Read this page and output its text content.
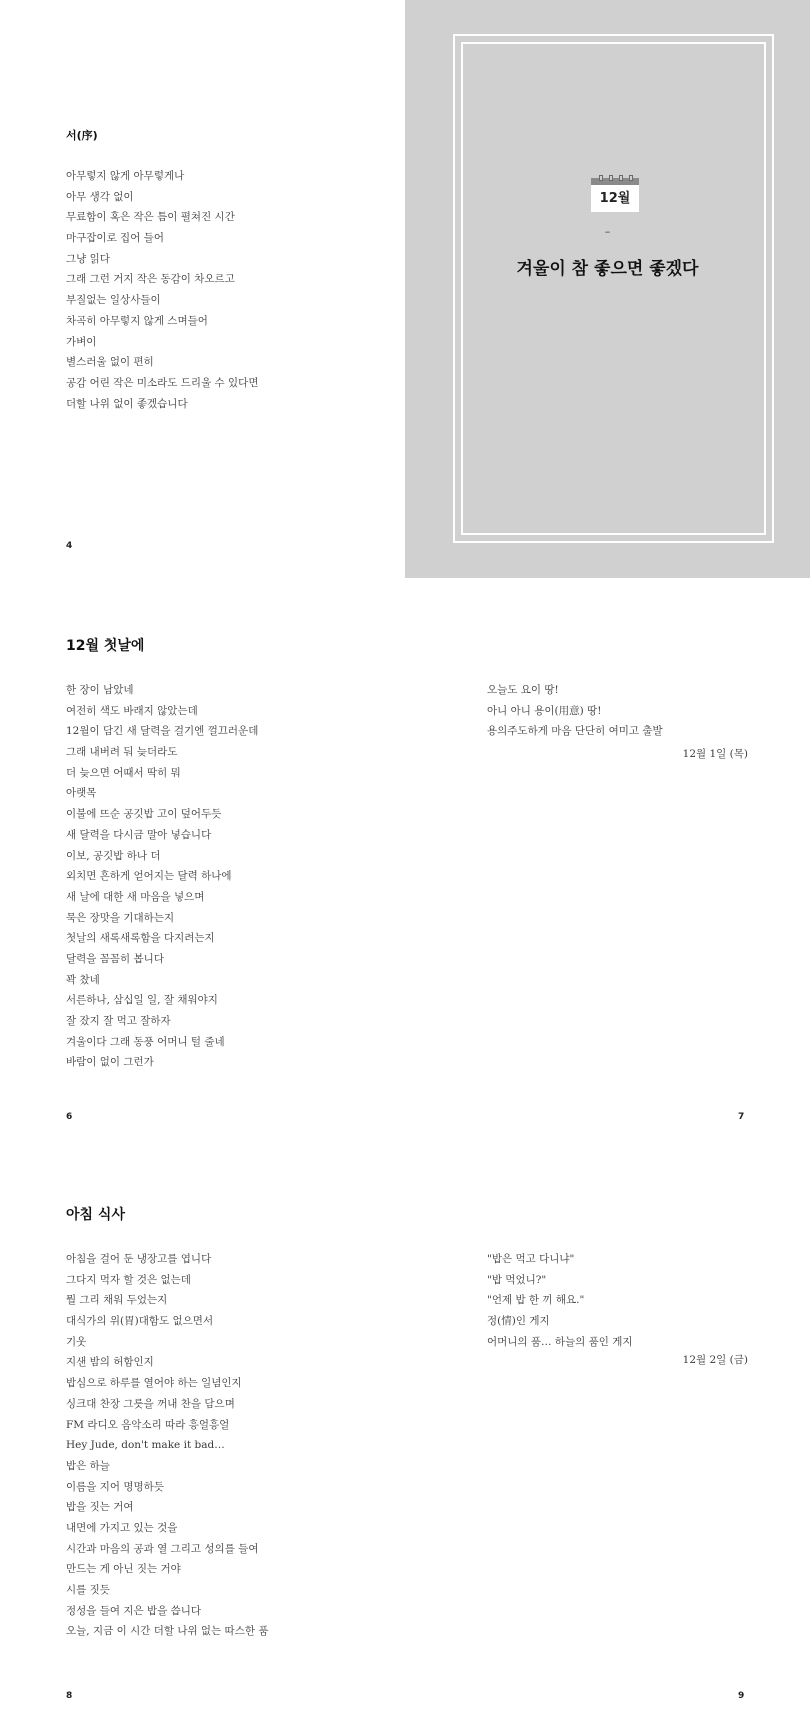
서(序)
아무렇지 않게 아무렇게나
아무 생각 없이
무료함이 혹은 작은 틈이 펼쳐진 시간
마구잡이로 집어 들어
그냥 읽다
그래 그런 거지 작은 동감이 차오르고
부질없는 일상사들이
차곡히 아무렇지 않게 스며들어
가벼이
별스러울 없이 편히
공감 어린 작은 미소라도 드리울 수 있다면
더할 나위 없이 좋겠습니다
4
12월
–
겨울이 참 좋으면 좋겠다
12월 첫날에
한 장이 남았네
여전히 색도 바래지 않았는데
12월이 담긴 새 달력을 걸기엔 껄끄러운데
그래 내버려 둬 늦더라도
더 늦으면 어때서 딱히 뭐
아랫목
이불에 뜨순 공깃밥 고이 덮어두듯
새 달력을 다시금 말아 넣습니다
이보, 공깃밥 하나 더
외치면 흔하게 얻어지는 달력 하나에
새 날에 대한 새 마음을 넣으며
묵은 장맛을 기대하는지
첫날의 새록새록함을 다지려는지
달력을 꼼꼼히 봅니다
꽉 찼네
서른하나, 삼십일 일, 잘 채워야지
잘 잤지 잘 먹고 잘하자
겨울이다 그래 동풍 어머니 털 줄네
바람이 없이 그런가
6
오늘도 요이 땅!
아니 아니 용이(用意) 땅!
용의주도하게 마음 단단히 여미고 출발
12월 1일 (목)
7
아침 식사
아침을 걸어 둔 냉장고를 엽니다
그다지 먹자 할 것은 없는데
뭘 그리 채워 두었는지
대식가의 위(胃)대함도 없으면서
기웃
지샌 밤의 허함인지
밥심으로 하루를 열어야 하는 일념인지
싱크대 찬장 그릇을 꺼내 찬을 담으며
FM 라디오 음악소리 따라 흥얼흥얼
Hey Jude, don't make it bad…
밥은 하늘
이름을 지어 명명하듯
밥을 짓는 거여
내면에 가지고 있는 것을
시간과 마음의 공과 열 그리고 성의를 들여
만드는 게 아닌 짓는 거야
시를 짓듯
정성을 들여 지은 밥을 씁니다
오늘, 지금 이 시간 더할 나위 없는 따스한 품
8
"밥은 먹고 다니냐"
"밥 먹었니?"
"언제 밥 한 끼 해요."
정(情)인 게지
어머니의 품… 하늘의 품인 게지
12월 2일 (금)
9
